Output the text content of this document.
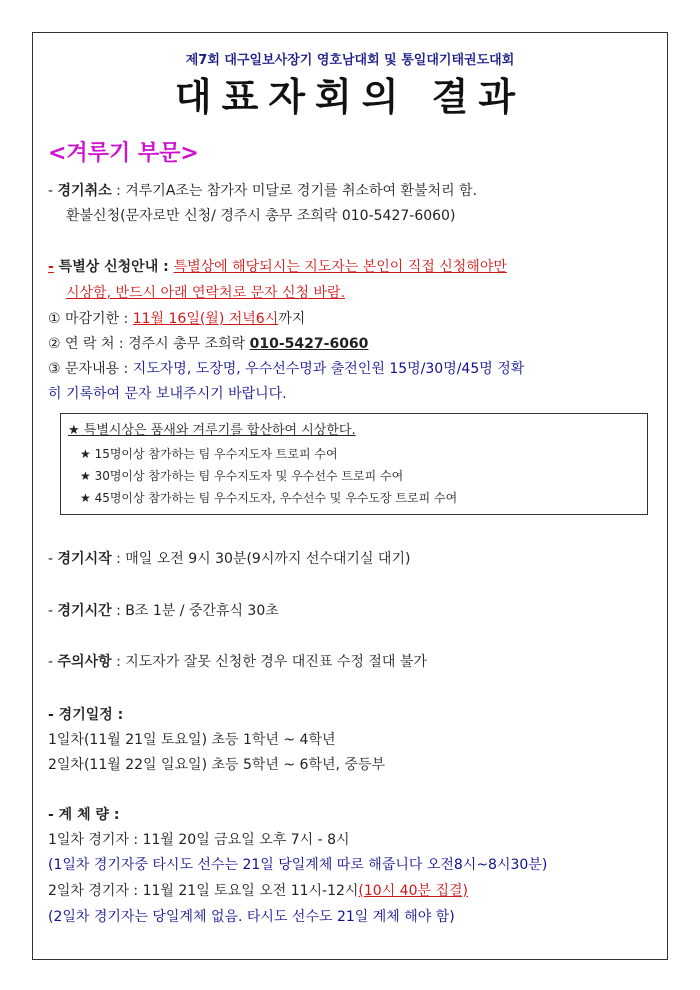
제7회 대구일보사장기 영호남대회 및 통일대기태권도대회
대표자회의 결과
<겨루기 부문>
- 경기취소 : 겨루기A조는 참가자 미달로 경기를 취소하여 환불처리 함.
환불신청(문자로만 신청/ 경주시 총무 조희락 010-5427-6060)
- 특별상 신청안내 : 특별상에 해당되시는 지도자는 본인이 직접 신청해야만
시상함, 반드시 아래 연락처로 문자 신청 바람.
① 마감기한 : 11월 16일(월) 저녁6시까지
② 연 락 처 : 경주시 총무 조희락 010-5427-6060
③ 문자내용 : 지도자명, 도장명, 우수선수명과 출전인원 15명/30명/45명 정확
히 기록하여 문자 보내주시기 바랍니다.
★ 특별시상은 품새와 겨루기를 합산하여 시상한다.
★ 15명이상 참가하는 팀 우수지도자 트로피 수여
★ 30명이상 참가하는 팀 우수지도자 및 우수선수 트로피 수여
★ 45명이상 참가하는 팀 우수지도자, 우수선수 및 우수도장 트로피 수여
- 경기시작 : 매일 오전 9시 30분(9시까지 선수대기실 대기)
- 경기시간 : B조 1분 / 중간휴식 30초
- 주의사항 : 지도자가 잘못 신청한 경우 대진표 수정 절대 불가
- 경기일정 :
1일차(11월 21일 토요일) 초등 1학년 ~ 4학년
2일차(11월 22일 일요일) 초등 5학년 ~ 6학년, 중등부
- 계 체 량 :
1일차 경기자 : 11월 20일 금요일 오후 7시 - 8시
(1일차 경기자중 타시도 선수는 21일 당일계체 따로 해줍니다 오전8시~8시30분)
2일차 경기자 : 11월 21일 토요일 오전 11시-12시(10시 40분 집결)
(2일차 경기자는 당일계체 없음. 타시도 선수도 21일 계체 해야 함)
